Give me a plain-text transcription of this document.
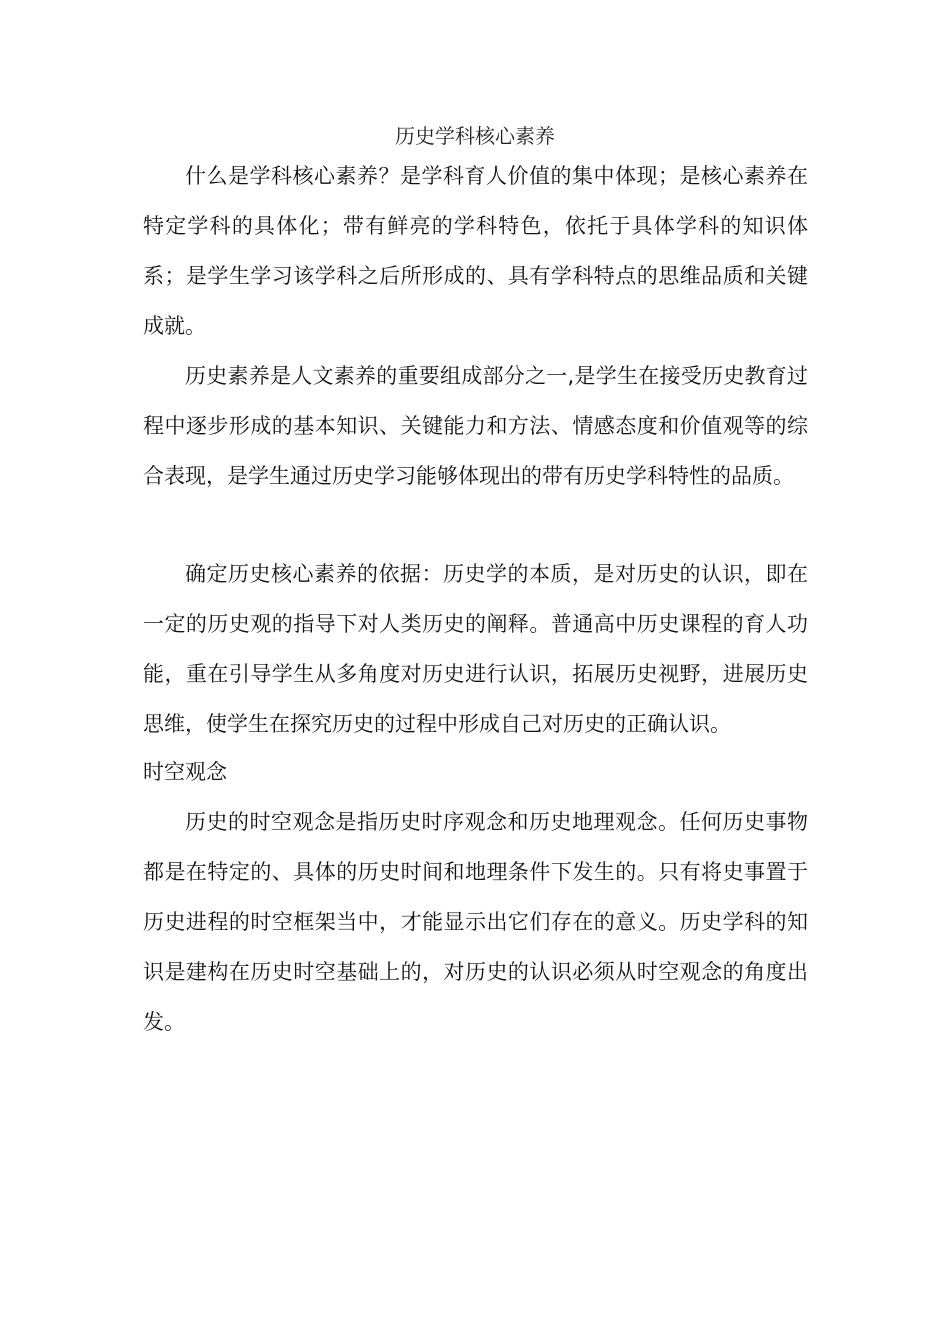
历史学科核心素养

什么是学科核心素养？是学科育人价值的集中体现；是核心素养在特定学科的具体化；带有鲜亮的学科特色，依托于具体学科的知识体系；是学生学习该学科之后所形成的、具有学科特点的思维品质和关键成就。

历史素养是人文素养的重要组成部分之一,是学生在接受历史教育过程中逐步形成的基本知识、关键能力和方法、情感态度和价值观等的综合表现，是学生通过历史学习能够体现出的带有历史学科特性的品质。

确定历史核心素养的依据：历史学的本质，是对历史的认识，即在一定的历史观的指导下对人类历史的阐释。普通高中历史课程的育人功能，重在引导学生从多角度对历史进行认识，拓展历史视野，进展历史思维，使学生在探究历史的过程中形成自己对历史的正确认识。

时空观念

历史的时空观念是指历史时序观念和历史地理观念。任何历史事物都是在特定的、具体的历史时间和地理条件下发生的。只有将史事置于历史进程的时空框架当中，才能显示出它们存在的意义。历史学科的知识是建构在历史时空基础上的，对历史的认识必须从时空观念的角度出发。
